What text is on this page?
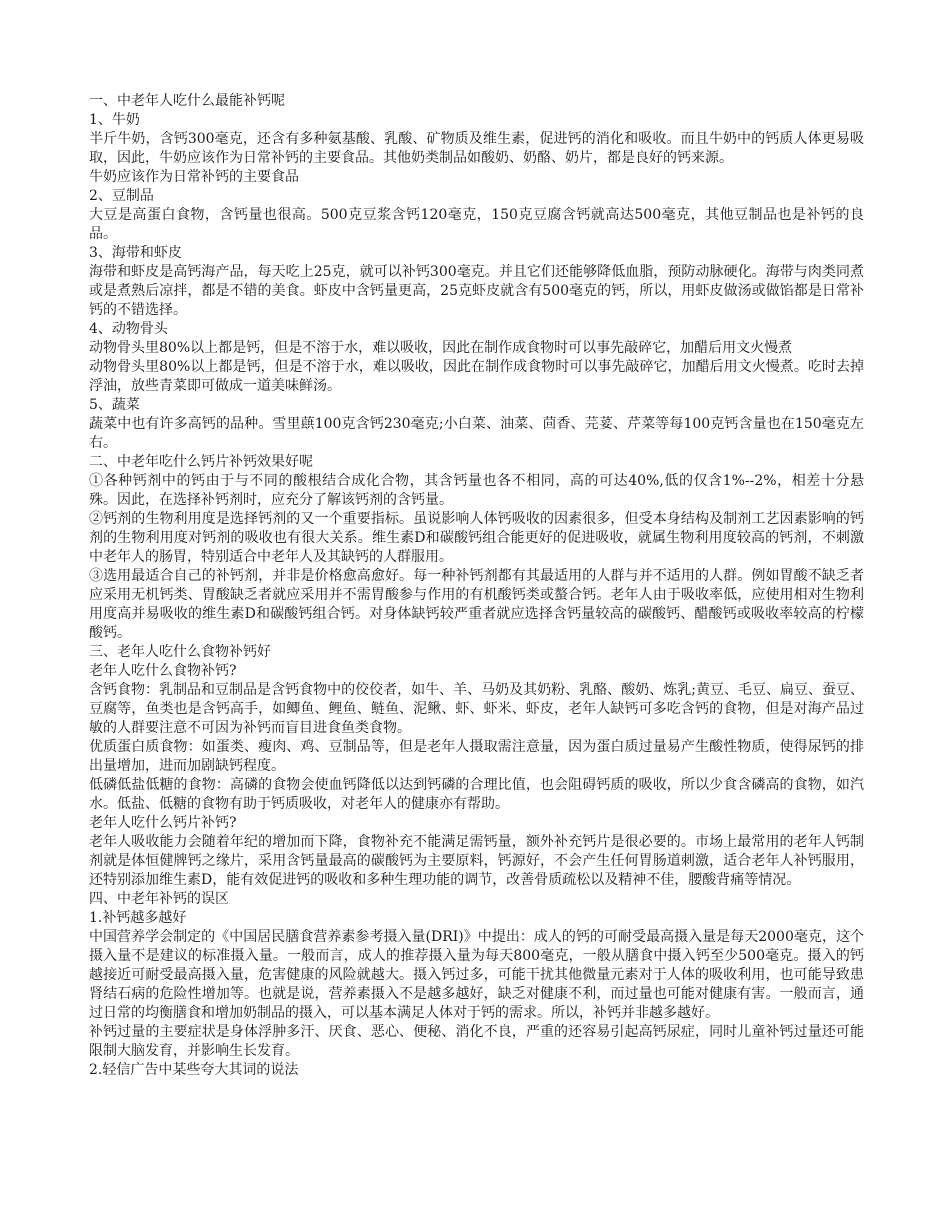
一、中老年人吃什么最能补钙呢

1、牛奶

半斤牛奶，含钙300毫克，还含有多种氨基酸、乳酸、矿物质及维生素，促进钙的消化和吸收。而且牛奶中的钙质人体更易吸取，因此，牛奶应该作为日常补钙的主要食品。其他奶类制品如酸奶、奶酪、奶片，都是良好的钙来源。

牛奶应该作为日常补钙的主要食品

2、豆制品

大豆是高蛋白食物，含钙量也很高。500克豆浆含钙120毫克，150克豆腐含钙就高达500毫克，其他豆制品也是补钙的良品。

3、海带和虾皮

海带和虾皮是高钙海产品，每天吃上25克，就可以补钙300毫克。并且它们还能够降低血脂，预防动脉硬化。海带与肉类同煮或是煮熟后凉拌，都是不错的美食。虾皮中含钙量更高，25克虾皮就含有500毫克的钙，所以，用虾皮做汤或做馅都是日常补钙的不错选择。

4、动物骨头

动物骨头里80%以上都是钙，但是不溶于水，难以吸收，因此在制作成食物时可以事先敲碎它，加醋后用文火慢煮

动物骨头里80%以上都是钙，但是不溶于水，难以吸收，因此在制作成食物时可以事先敲碎它，加醋后用文火慢煮。吃时去掉浮油，放些青菜即可做成一道美味鲜汤。

5、蔬菜

蔬菜中也有许多高钙的品种。雪里蕻100克含钙230毫克;小白菜、油菜、茴香、芫荽、芹菜等每100克钙含量也在150毫克左右。

二、中老年吃什么钙片补钙效果好呢

①各种钙剂中的钙由于与不同的酸根结合成化合物，其含钙量也各不相同，高的可达40%,低的仅含1%--2%，相差十分悬殊。因此，在选择补钙剂时，应充分了解该钙剂的含钙量。

②钙剂的生物利用度是选择钙剂的又一个重要指标。虽说影响人体钙吸收的因素很多，但受本身结构及制剂工艺因素影响的钙剂的生物利用度对钙剂的吸收也有很大关系。维生素D和碳酸钙组合能更好的促进吸收，就属生物利用度较高的钙剂，不刺激中老年人的肠胃，特别适合中老年人及其缺钙的人群服用。

③选用最适合自己的补钙剂，并非是价格愈高愈好。每一种补钙剂都有其最适用的人群与并不适用的人群。例如胃酸不缺乏者应采用无机钙类、胃酸缺乏者就应采用并不需胃酸参与作用的有机酸钙类或螯合钙。老年人由于吸收率低，应使用相对生物利用度高并易吸收的维生素D和碳酸钙组合钙。对身体缺钙较严重者就应选择含钙量较高的碳酸钙、醋酸钙或吸收率较高的柠檬酸钙。

三、老年人吃什么食物补钙好

老年人吃什么食物补钙?

含钙食物：乳制品和豆制品是含钙食物中的佼佼者，如牛、羊、马奶及其奶粉、乳酪、酸奶、炼乳;黄豆、毛豆、扁豆、蚕豆、豆腐等，鱼类也是含钙高手，如鲫鱼、鲤鱼、鲢鱼、泥鳅、虾、虾米、虾皮，老年人缺钙可多吃含钙的食物，但是对海产品过敏的人群要注意不可因为补钙而盲目进食鱼类食物。

优质蛋白质食物：如蛋类、瘦肉、鸡、豆制品等，但是老年人摄取需注意量，因为蛋白质过量易产生酸性物质，使得尿钙的排出量增加，进而加剧缺钙程度。

低磷低盐低糖的食物：高磷的食物会使血钙降低以达到钙磷的合理比值，也会阻碍钙质的吸收，所以少食含磷高的食物，如汽水。低盐、低糖的食物有助于钙质吸收，对老年人的健康亦有帮助。

老年人吃什么钙片补钙?

老年人吸收能力会随着年纪的增加而下降，食物补充不能满足需钙量，额外补充钙片是很必要的。市场上最常用的老年人钙制剂就是体恒健牌钙之缘片，采用含钙量最高的碳酸钙为主要原料，钙源好，不会产生任何胃肠道刺激，适合老年人补钙服用，还特别添加维生素D，能有效促进钙的吸收和多种生理功能的调节，改善骨质疏松以及精神不佳，腰酸背痛等情况。

四、中老年补钙的误区

1.补钙越多越好

中国营养学会制定的《中国居民膳食营养素参考摄入量(DRI)》中提出：成人的钙的可耐受最高摄入量是每天2000毫克，这个摄入量不是建议的标准摄入量。一般而言，成人的推荐摄入量为每天800毫克，一般从膳食中摄入钙至少500毫克。摄入的钙越接近可耐受最高摄入量，危害健康的风险就越大。摄入钙过多，可能干扰其他微量元素对于人体的吸收利用，也可能导致患肾结石病的危险性增加等。也就是说，营养素摄入不是越多越好，缺乏对健康不利，而过量也可能对健康有害。一般而言，通过日常的均衡膳食和增加奶制品的摄入，可以基本满足人体对于钙的需求。所以，补钙并非越多越好。

补钙过量的主要症状是身体浮肿多汗、厌食、恶心、便秘、消化不良，严重的还容易引起高钙尿症，同时儿童补钙过量还可能限制大脑发育，并影响生长发育。

2.轻信广告中某些夸大其词的说法
